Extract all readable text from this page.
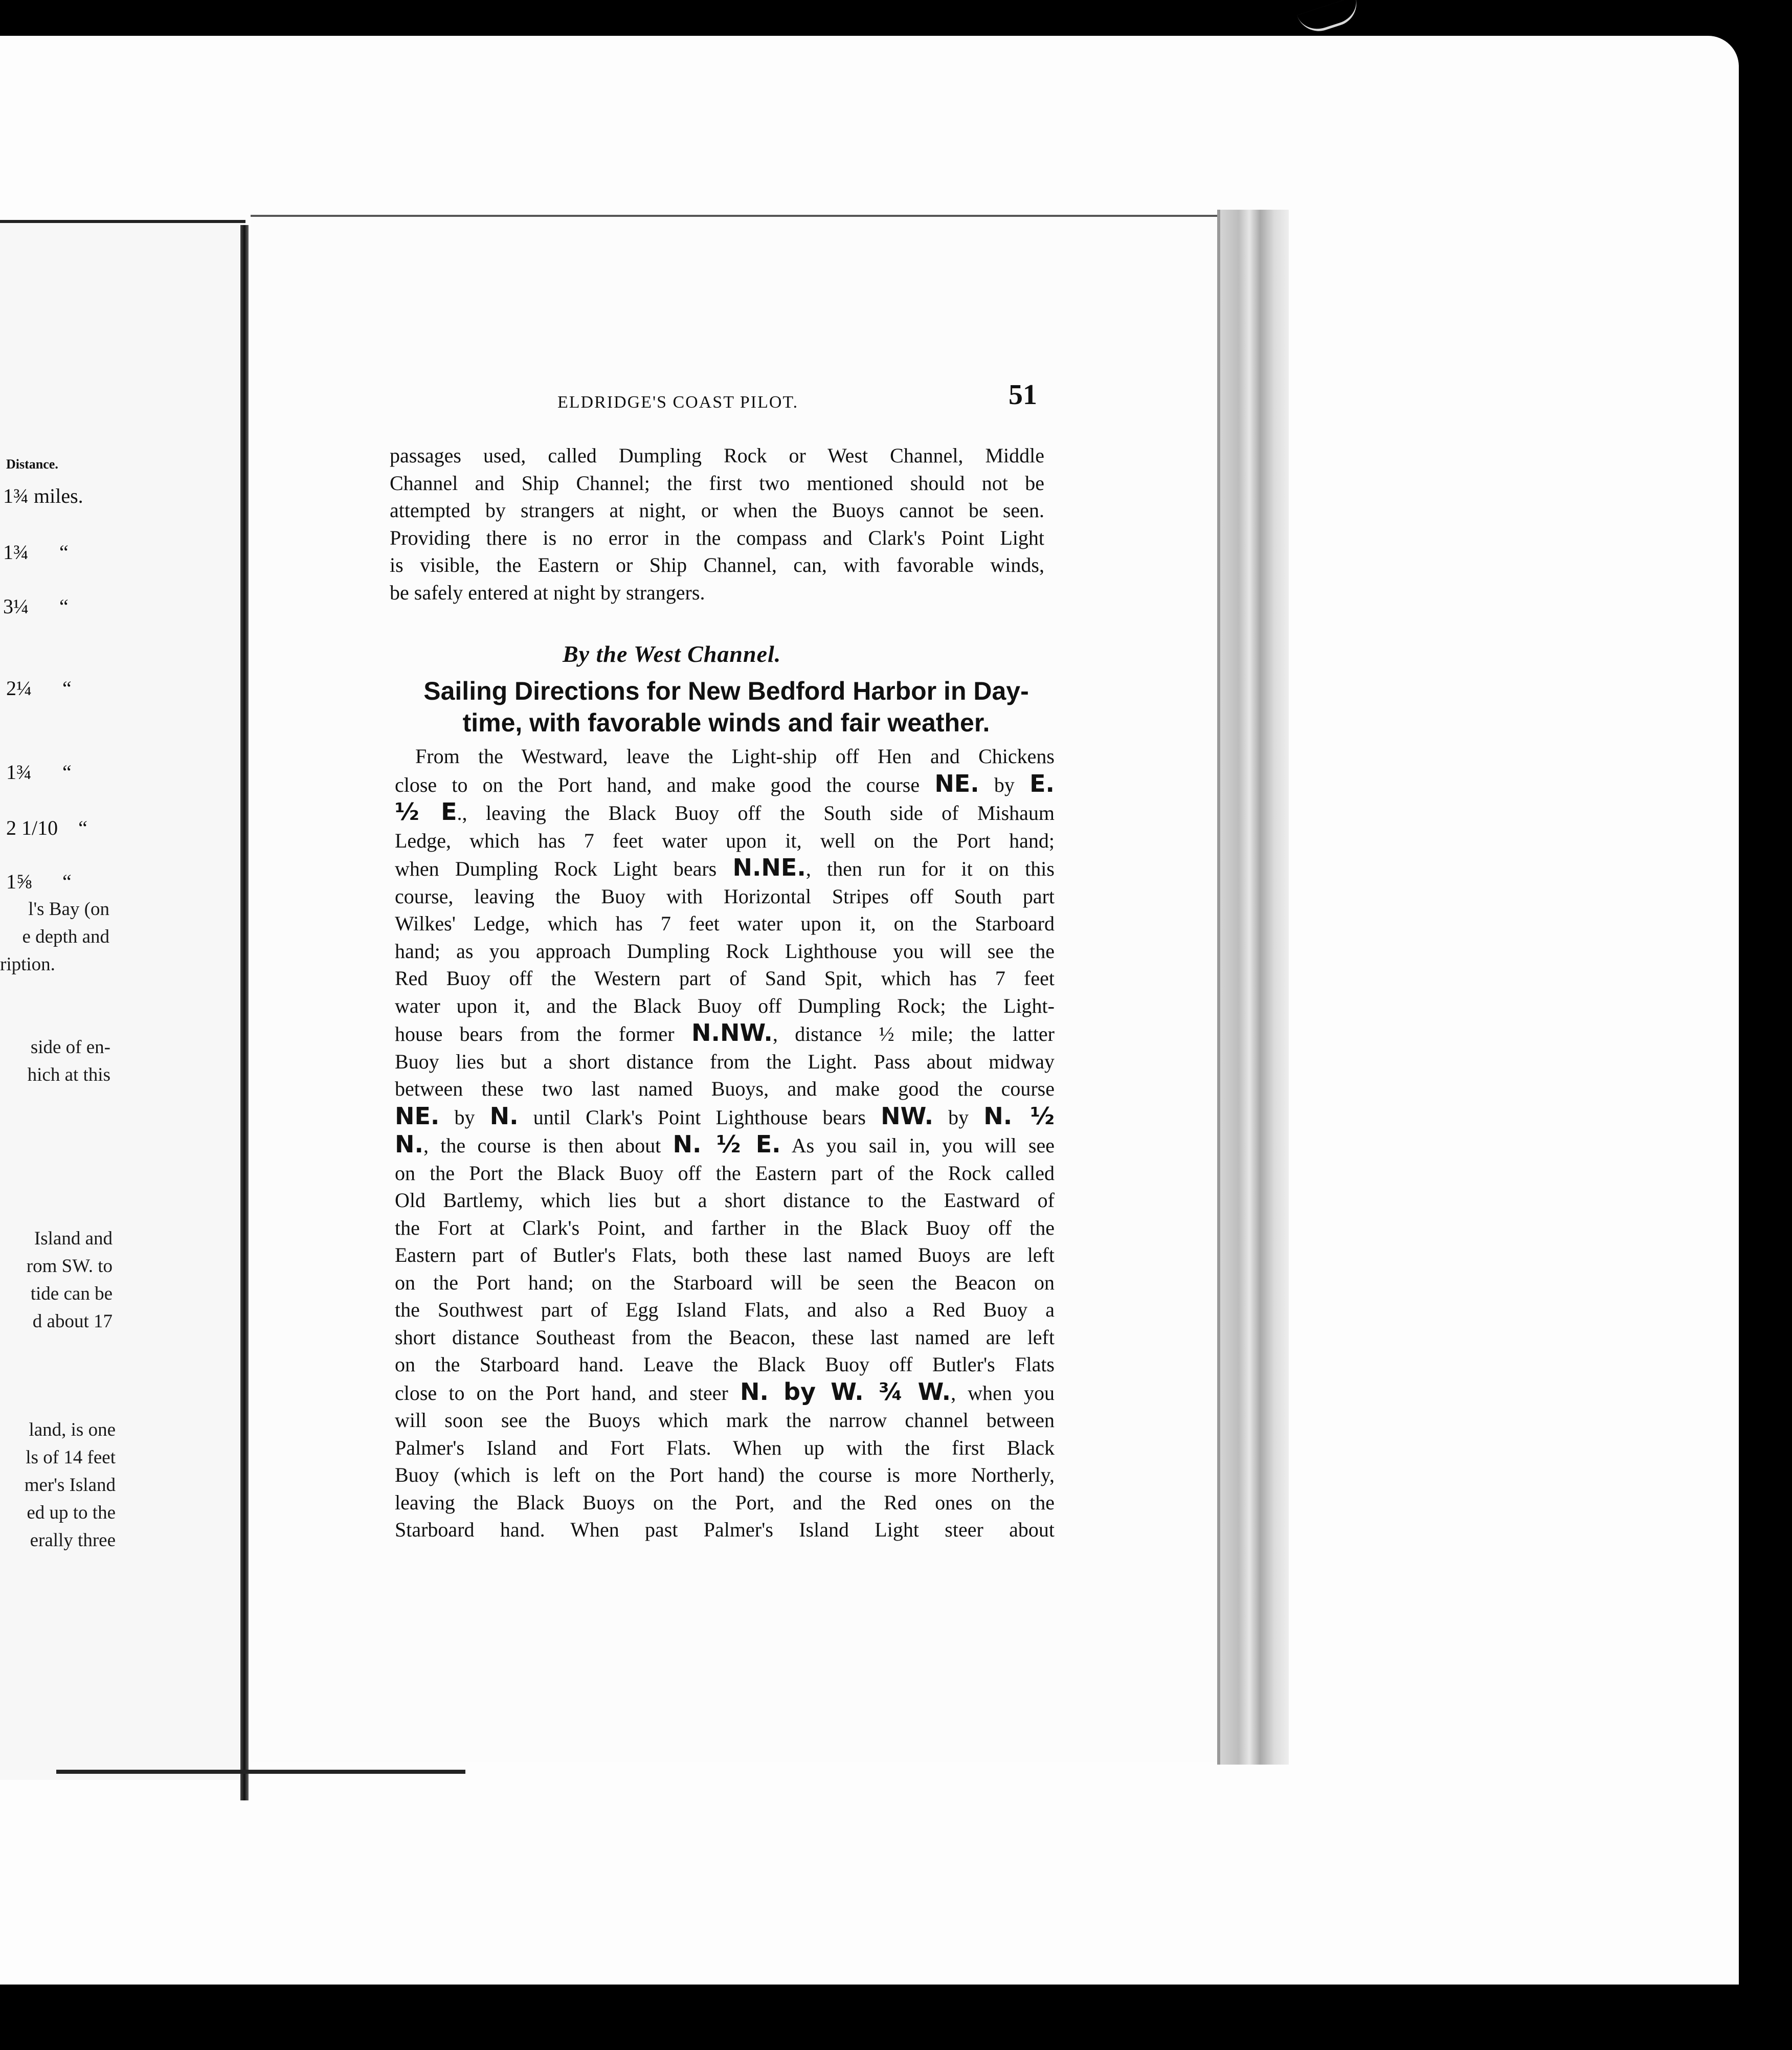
Distance.
1¾ miles.
1¾ “
3¼ “
2¼ “
1¾ “
2 1/10 “
1⅝ “
l's Bay (on
e depth and
ription.
side of en-
hich at this
Island and
rom SW. to
tide can be
d about 17
land, is one
ls of 14 feet
mer's Island
ed up to the
erally three
ELDRIDGE'S COAST PILOT.	51
passages used, called Dumpling Rock or West Channel, Middle
Channel and Ship Channel; the first two mentioned should not be
attempted by strangers at night, or when the Buoys cannot be seen.
Providing there is no error in the compass and Clark's Point Light
is visible, the Eastern or Ship Channel, can, with favorable winds,
be safely entered at night by strangers.
By the West Channel.
Sailing Directions for New Bedford Harbor in Day-
time, with favorable winds and fair weather.
From the Westward, leave the Light-ship off Hen and Chickens
close to on the Port hand, and make good the course NE. by E.
½ E., leaving the Black Buoy off the South side of Mishaum
Ledge, which has 7 feet water upon it, well on the Port hand;
when Dumpling Rock Light bears N.NE., then run for it on this
course, leaving the Buoy with Horizontal Stripes off South part
Wilkes' Ledge, which has 7 feet water upon it, on the Starboard
hand; as you approach Dumpling Rock Lighthouse you will see the
Red Buoy off the Western part of Sand Spit, which has 7 feet
water upon it, and the Black Buoy off Dumpling Rock; the Light-
house bears from the former N.NW., distance ½ mile; the latter
Buoy lies but a short distance from the Light. Pass about midway
between these two last named Buoys, and make good the course
NE. by N. until Clark's Point Lighthouse bears NW. by N. ½
N., the course is then about N. ½ E. As you sail in, you will see
on the Port the Black Buoy off the Eastern part of the Rock called
Old Bartlemy, which lies but a short distance to the Eastward of
the Fort at Clark's Point, and farther in the Black Buoy off the
Eastern part of Butler's Flats, both these last named Buoys are left
on the Port hand; on the Starboard will be seen the Beacon on
the Southwest part of Egg Island Flats, and also a Red Buoy a
short distance Southeast from the Beacon, these last named are left
on the Starboard hand. Leave the Black Buoy off Butler's Flats
close to on the Port hand, and steer N. by W. ¾ W., when you
will soon see the Buoys which mark the narrow channel between
Palmer's Island and Fort Flats. When up with the first Black
Buoy (which is left on the Port hand) the course is more Northerly,
leaving the Black Buoys on the Port, and the Red ones on the
Starboard hand. When past Palmer's Island Light steer about
